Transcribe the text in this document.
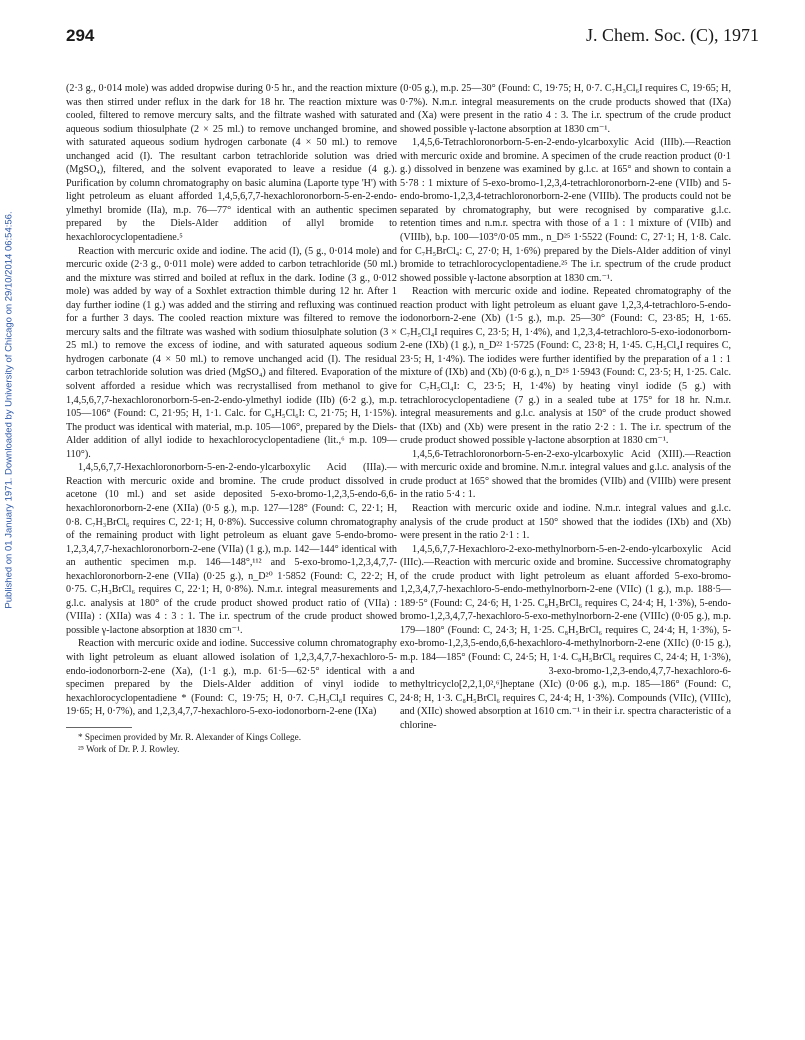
Published on 01 January 1971. Downloaded by University of Chicago on 29/10/2014 06:54:56.
294	J. Chem. Soc. (C), 1971

(2·3 g., 0·014 mole) was added dropwise during 0·5 hr., and the reaction mixture was then stirred under reflux in the dark for 18 hr. The reaction mixture was cooled, filtered to remove mercury salts, and the filtrate washed with saturated aqueous sodium thiosulphate (2 × 25 ml.) to remove unchanged bromine, and with saturated aqueous sodium hydrogen carbonate (4 × 50 ml.) to remove unchanged acid (I). The resultant carbon tetrachloride solution was dried (MgSO₄), filtered, and the solvent evaporated to leave a residue (4 g.). Purification by column chromatography on basic alumina (Laporte type 'H') with light petroleum as eluant afforded 1,4,5,6,7,7-hexachloronorborn-5-en-2-endo-ylmethyl bromide (IIa), m.p. 76—77° identical with an authentic specimen prepared by the Diels-Alder addition of allyl bromide to hexachlorocyclopentadiene.⁵

Reaction with mercuric oxide and iodine. The acid (I), (5 g., 0·014 mole) and mercuric oxide (2·3 g., 0·011 mole) were added to carbon tetrachloride (50 ml.) and the mixture was stirred and boiled at reflux in the dark. Iodine (3 g., 0·012 mole) was added by way of a Soxhlet extraction thimble during 12 hr. After 1 day further iodine (1 g.) was added and the stirring and refluxing was continued for a further 3 days. The cooled reaction mixture was filtered to remove the mercury salts and the filtrate was washed with sodium thiosulphate solution (3 × 25 ml.) to remove the excess of iodine, and with saturated aqueous sodium hydrogen carbonate (4 × 50 ml.) to remove unchanged acid (I). The residual carbon tetrachloride solution was dried (MgSO₄) and filtered. Evaporation of the solvent afforded a residue which was recrystallised from methanol to give 1,4,5,6,7,7-hexachloronorborn-5-en-2-endo-ylmethyl iodide (IIb) (6·2 g.), m.p. 105—106° (Found: C, 21·95; H, 1·1. Calc. for C₈H₅Cl₆I: C, 21·75; H, 1·15%). The product was identical with material, m.p. 105—106°, prepared by the Diels-Alder addition of allyl iodide to hexachlorocyclopentadiene (lit.,⁶ m.p. 109—110°).

1,4,5,6,7,7-Hexachloronorborn-5-en-2-endo-ylcarboxylic Acid (IIIa).—Reaction with mercuric oxide and bromine. The crude product dissolved in acetone (10 ml.) and set aside deposited 5-exo-bromo-1,2,3,5-endo-6,6-hexachloronorborn-2-ene (XIIa) (0·5 g.), m.p. 127—128° (Found: C, 22·1; H, 0·8. C₇H₃BrCl₆ requires C, 22·1; H, 0·8%). Successive column chromatography of the remaining product with light petroleum as eluant gave 5-endo-bromo-1,2,3,4,7,7-hexachloronorborn-2-ene (VIIa) (1 g.), m.p. 142—144° identical with an authentic specimen m.p. 146—148°,¹¹² and 5-exo-bromo-1,2,3,4,7,7-hexachloronorborn-2-ene (VIIa) (0·25 g.), n_D²⁰ 1·5852 (Found: C, 22·2; H, 0·75. C₇H₃BrCl₆ requires C, 22·1; H, 0·8%). N.m.r. integral measurements and g.l.c. analysis at 180° of the crude product showed product ratio of (VIIa) : (VIIIa) : (XIIa) was 4 : 3 : 1. The i.r. spectrum of the crude product showed possible γ-lactone absorption at 1830 cm⁻¹.

Reaction with mercuric oxide and iodine. Successive column chromatography with light petroleum as eluant allowed isolation of 1,2,3,4,7,7-hexachloro-5-endo-iodonorborn-2-ene (Xa), (1·1 g.), m.p. 61·5—62·5° identical with a specimen prepared by the Diels-Alder addition of vinyl iodide to hexachlorocyclopentadiene * (Found: C, 19·75; H, 0·7. C₇H₃Cl₆I requires C, 19·65; H, 0·7%), and 1,2,3,4,7,7-hexachloro-5-exo-iodonorborn-2-ene (IXa)

* Specimen provided by Mr. R. Alexander of Kings College.

²⁵ Work of Dr. P. J. Rowley.

(0·05 g.), m.p. 25—30° (Found: C, 19·75; H, 0·7. C₇H₃Cl₆I requires C, 19·65; H, 0·7%). N.m.r. integral measurements on the crude products showed that (IXa) and (Xa) were present in the ratio 4 : 3. The i.r. spectrum of the crude product showed possible γ-lactone absorption at 1830 cm⁻¹.

1,4,5,6-Tetrachloronorborn-5-en-2-endo-ylcarboxylic Acid (IIIb).—Reaction with mercuric oxide and bromine. A specimen of the crude reaction product (0·1 g.) dissolved in benzene was examined by g.l.c. at 165° and shown to contain a 5·78 : 1 mixture of 5-exo-bromo-1,2,3,4-tetrachloronorborn-2-ene (VIIb) and 5-endo-bromo-1,2,3,4-tetrachloronorborn-2-ene (VIIIb). The products could not be separated by chromatography, but were recognised by comparative g.l.c. retention times and n.m.r. spectra with those of a 1 : 1 mixture of (VIIb) and (VIIIb), b.p. 100—103°/0·05 mm., n_D²⁵ 1·5522 (Found: C, 27·1; H, 1·8. Calc. for C₇H₅BrCl₄: C, 27·0; H, 1·6%) prepared by the Diels-Alder addition of vinyl bromide to tetrachlorocyclopentadiene.²⁵ The i.r. spectrum of the crude product showed possible γ-lactone absorption at 1830 cm.⁻¹.

Reaction with mercuric oxide and iodine. Repeated chromatography of the reaction product with light petroleum as eluant gave 1,2,3,4-tetrachloro-5-endo-iodonorborn-2-ene (Xb) (1·5 g.), m.p. 25—30° (Found: C, 23·85; H, 1·65. C₇H₅Cl₄I requires C, 23·5; H, 1·4%), and 1,2,3,4-tetrachloro-5-exo-iodonorborn-2-ene (IXb) (1 g.), n_D²² 1·5725 (Found: C, 23·8; H, 1·45. C₇H₅Cl₄I requires C, 23·5; H, 1·4%). The iodides were further identified by the preparation of a 1 : 1 mixture of (IXb) and (Xb) (0·6 g.), n_D²⁵ 1·5943 (Found: C, 23·5; H, 1·25. Calc. for C₇H₅Cl₄I: C, 23·5; H, 1·4%) by heating vinyl iodide (5 g.) with tetrachlorocyclopentadiene (7 g.) in a sealed tube at 175° for 18 hr. N.m.r. integral measurements and g.l.c. analysis at 150° of the crude product showed that (IXb) and (Xb) were present in the ratio 2·2 : 1. The i.r. spectrum of the crude product showed possible γ-lactone absorption at 1830 cm⁻¹.

1,4,5,6-Tetrachloronorborn-5-en-2-exo-ylcarboxylic Acid (XIII).—Reaction with mercuric oxide and bromine. N.m.r. integral values and g.l.c. analysis of the crude product at 165° showed that the bromides (VIIb) and (VIIIb) were present in the ratio 5·4 : 1.

Reaction with mercuric oxide and iodine. N.m.r. integral values and g.l.c. analysis of the crude product at 150° showed that the iodides (IXb) and (Xb) were present in the ratio 2·1 : 1.

1,4,5,6,7,7-Hexachloro-2-exo-methylnorborn-5-en-2-endo-ylcarboxylic Acid (IIIc).—Reaction with mercuric oxide and bromine. Successive chromatography of the crude product with light petroleum as eluant afforded 5-exo-bromo-1,2,3,4,7,7-hexachloro-5-endo-methylnorborn-2-ene (VIIc) (1 g.), m.p. 188·5—189·5° (Found: C, 24·6; H, 1·25. C₈H₅BrCl₆ requires C, 24·4; H, 1·3%), 5-endo-bromo-1,2,3,4,7,7-hexachloro-5-exo-methylnorborn-2-ene (VIIIc) (0·05 g.), m.p. 179—180° (Found: C, 24·3; H, 1·25. C₈H₅BrCl₆ requires C, 24·4; H, 1·3%), 5-exo-bromo-1,2,3,5-endo,6,6-hexachloro-4-methylnorborn-2-ene (XIIc) (0·15 g.), m.p. 184—185° (Found: C, 24·5; H, 1·4. C₈H₅BrCl₆ requires C, 24·4; H, 1·3%), and 3-exo-bromo-1,2,3-endo,4,7,7-hexachloro-6-methyltricyclo[2,2,1,0²,⁶]heptane (XIc) (0·06 g.), m.p. 185—186° (Found: C, 24·8; H, 1·3. C₈H₅BrCl₆ requires C, 24·4; H, 1·3%). Compounds (VIIc), (VIIIc), and (XIIc) showed absorption at 1610 cm.⁻¹ in their i.r. spectra characteristic of a chlorine-
